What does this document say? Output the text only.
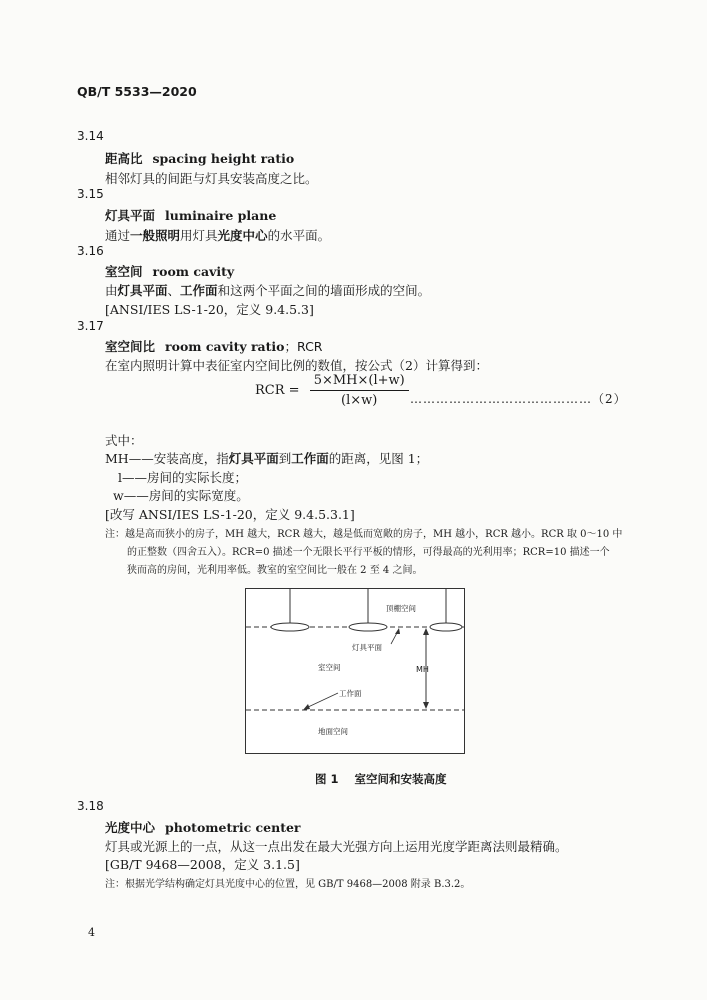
QB/T 5533—2020
3.14
距高比 spacing height ratio
相邻灯具的间距与灯具安装高度之比。
3.15
灯具平面 luminaire plane
通过一般照明用灯具光度中心的水平面。
3.16
室空间 room cavity
由灯具平面、工作面和这两个平面之间的墙面形成的空间。
[ANSI/IES LS-1-20，定义 9.4.5.3]
3.17
室空间比 room cavity ratio；RCR
在室内照明计算中表征室内空间比例的数值，按公式（2）计算得到：
RCR = $\frac{5\times MH\times(l+w)}{(l\times w)}$ ……………………………………（2）
式中：
MH——安装高度，指灯具平面到工作面的距离，见图 1；
l——房间的实际长度；
w——房间的实际宽度。
[改写 ANSI/IES LS-1-20，定义 9.4.5.3.1]
注：越是高而狭小的房子，MH 越大，RCR 越大，越是低而宽敞的房子，MH 越小，RCR 越小。RCR 取 0～10 中
的正整数（四舍五入）。RCR=0 描述一个无限长平行平板的情形，可得最高的光利用率；RCR=10 描述一个
狭而高的房间，光利用率低。教室的室空间比一般在 2 至 4 之间。
顶棚空间
灯具平面
室空间	MH
工作面
地面空间
图 1    室空间和安装高度
3.18
光度中心 photometric center
灯具或光源上的一点，从这一点出发在最大光强方向上运用光度学距离法则最精确。
[GB/T 9468—2008，定义 3.1.5]
注：根据光学结构确定灯具光度中心的位置，见 GB/T 9468—2008 附录 B.3.2。
4
